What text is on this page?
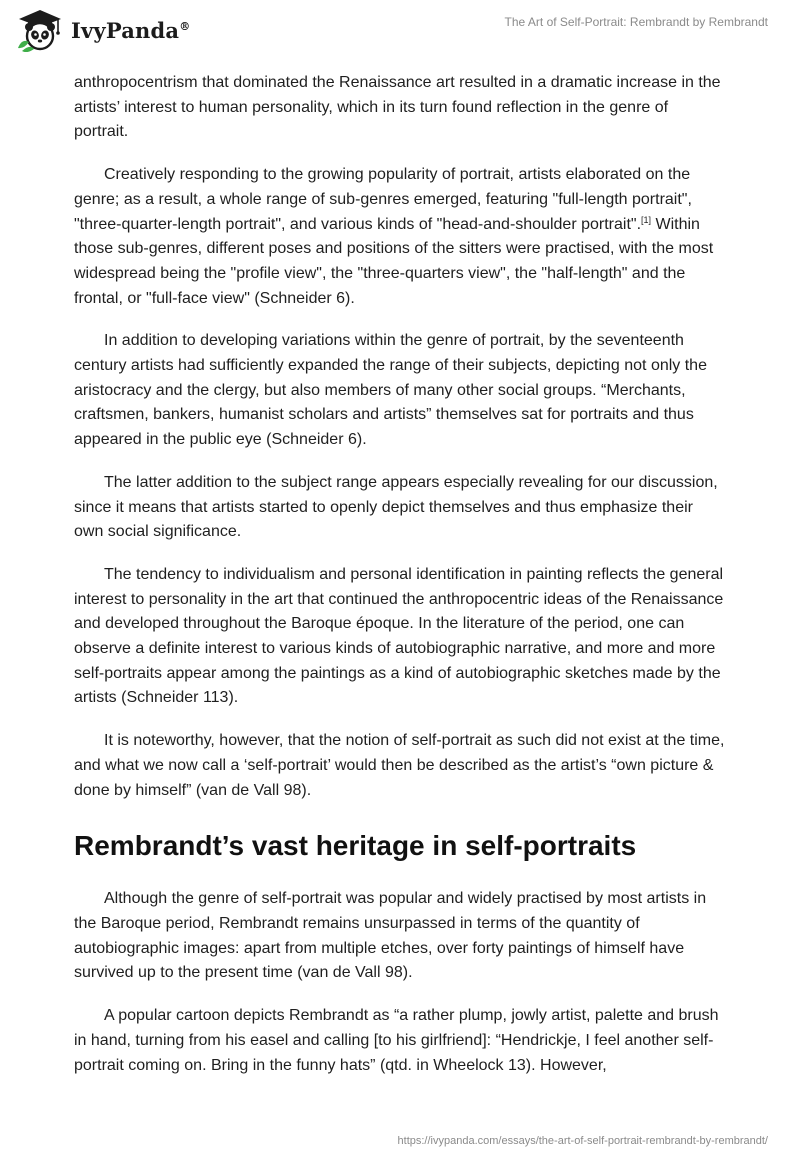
IvyPanda®	The Art of Self-Portrait: Rembrandt by Rembrandt

anthropocentrism that dominated the Renaissance art resulted in a dramatic increase in the artists’ interest to human personality, which in its turn found reflection in the genre of portrait.

Creatively responding to the growing popularity of portrait, artists elaborated on the genre; as a result, a whole range of sub-genres emerged, featuring "full-length portrait", "three-quarter-length portrait", and various kinds of "head-and-shoulder portrait".[1] Within those sub-genres, different poses and positions of the sitters were practised, with the most widespread being the "profile view", the "three-quarters view", the "half-length" and the frontal, or "full-face view" (Schneider 6).

In addition to developing variations within the genre of portrait, by the seventeenth century artists had sufficiently expanded the range of their subjects, depicting not only the aristocracy and the clergy, but also members of many other social groups. “Merchants, craftsmen, bankers, humanist scholars and artists” themselves sat for portraits and thus appeared in the public eye (Schneider 6).

The latter addition to the subject range appears especially revealing for our discussion, since it means that artists started to openly depict themselves and thus emphasize their own social significance.

The tendency to individualism and personal identification in painting reflects the general interest to personality in the art that continued the anthropocentric ideas of the Renaissance and developed throughout the Baroque époque. In the literature of the period, one can observe a definite interest to various kinds of autobiographic narrative, and more and more self-portraits appear among the paintings as a kind of autobiographic sketches made by the artists (Schneider 113).

It is noteworthy, however, that the notion of self-portrait as such did not exist at the time, and what we now call a ‘self-portrait’ would then be described as the artist’s “own picture & done by himself” (van de Vall 98).

Rembrandt’s vast heritage in self-portraits

Although the genre of self-portrait was popular and widely practised by most artists in the Baroque period, Rembrandt remains unsurpassed in terms of the quantity of autobiographic images: apart from multiple etches, over forty paintings of himself have survived up to the present time (van de Vall 98).

A popular cartoon depicts Rembrandt as “a rather plump, jowly artist, palette and brush in hand, turning from his easel and calling [to his girlfriend]: “Hendrickje, I feel another self-portrait coming on. Bring in the funny hats” (qtd. in Wheelock 13). However,

https://ivypanda.com/essays/the-art-of-self-portrait-rembrandt-by-rembrandt/
